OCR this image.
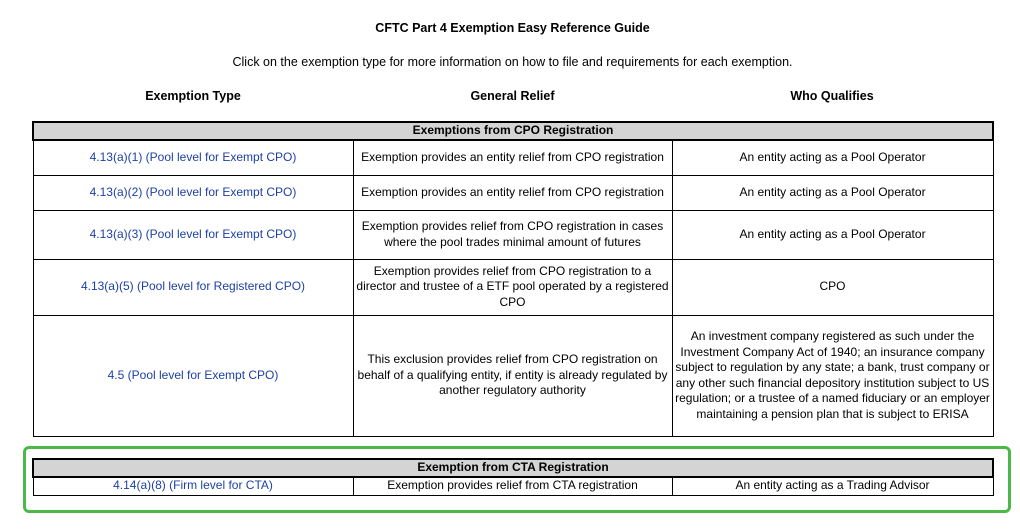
CFTC Part 4 Exemption Easy Reference Guide
Click on the exemption type for more information on how to file and requirements for each exemption.
Exemption Type	General Relief	Who Qualifies
Exemptions from CPO Registration		
4.13(a)(1) (Pool level for Exempt CPO)	Exemption provides an entity relief from CPO registration	An entity acting as a Pool Operator
4.13(a)(2) (Pool level for Exempt CPO)	Exemption provides an entity relief from CPO registration	An entity acting as a Pool Operator
4.13(a)(3) (Pool level for Exempt CPO)	Exemption provides relief from CPO registration in cases where the pool trades minimal amount of futures	An entity acting as a Pool Operator
4.13(a)(5) (Pool level for Registered CPO)	Exemption provides relief from CPO registration to a director and trustee of a ETF pool operated by a registered CPO	CPO
4.5 (Pool level for Exempt CPO)	This exclusion provides relief from CPO registration on behalf of a qualifying entity, if entity is already regulated by another regulatory authority	An investment company registered as such under the Investment Company Act of 1940; an insurance company subject to regulation by any state; a bank, trust company or any other such financial depository institution subject to US regulation; or a trustee of a named fiduciary or an employer maintaining a pension plan that is subject to ERISA
Exemption from CTA Registration
4.14(a)(8) (Firm level for CTA)	Exemption provides relief from CTA registration	An entity acting as a Trading Advisor
